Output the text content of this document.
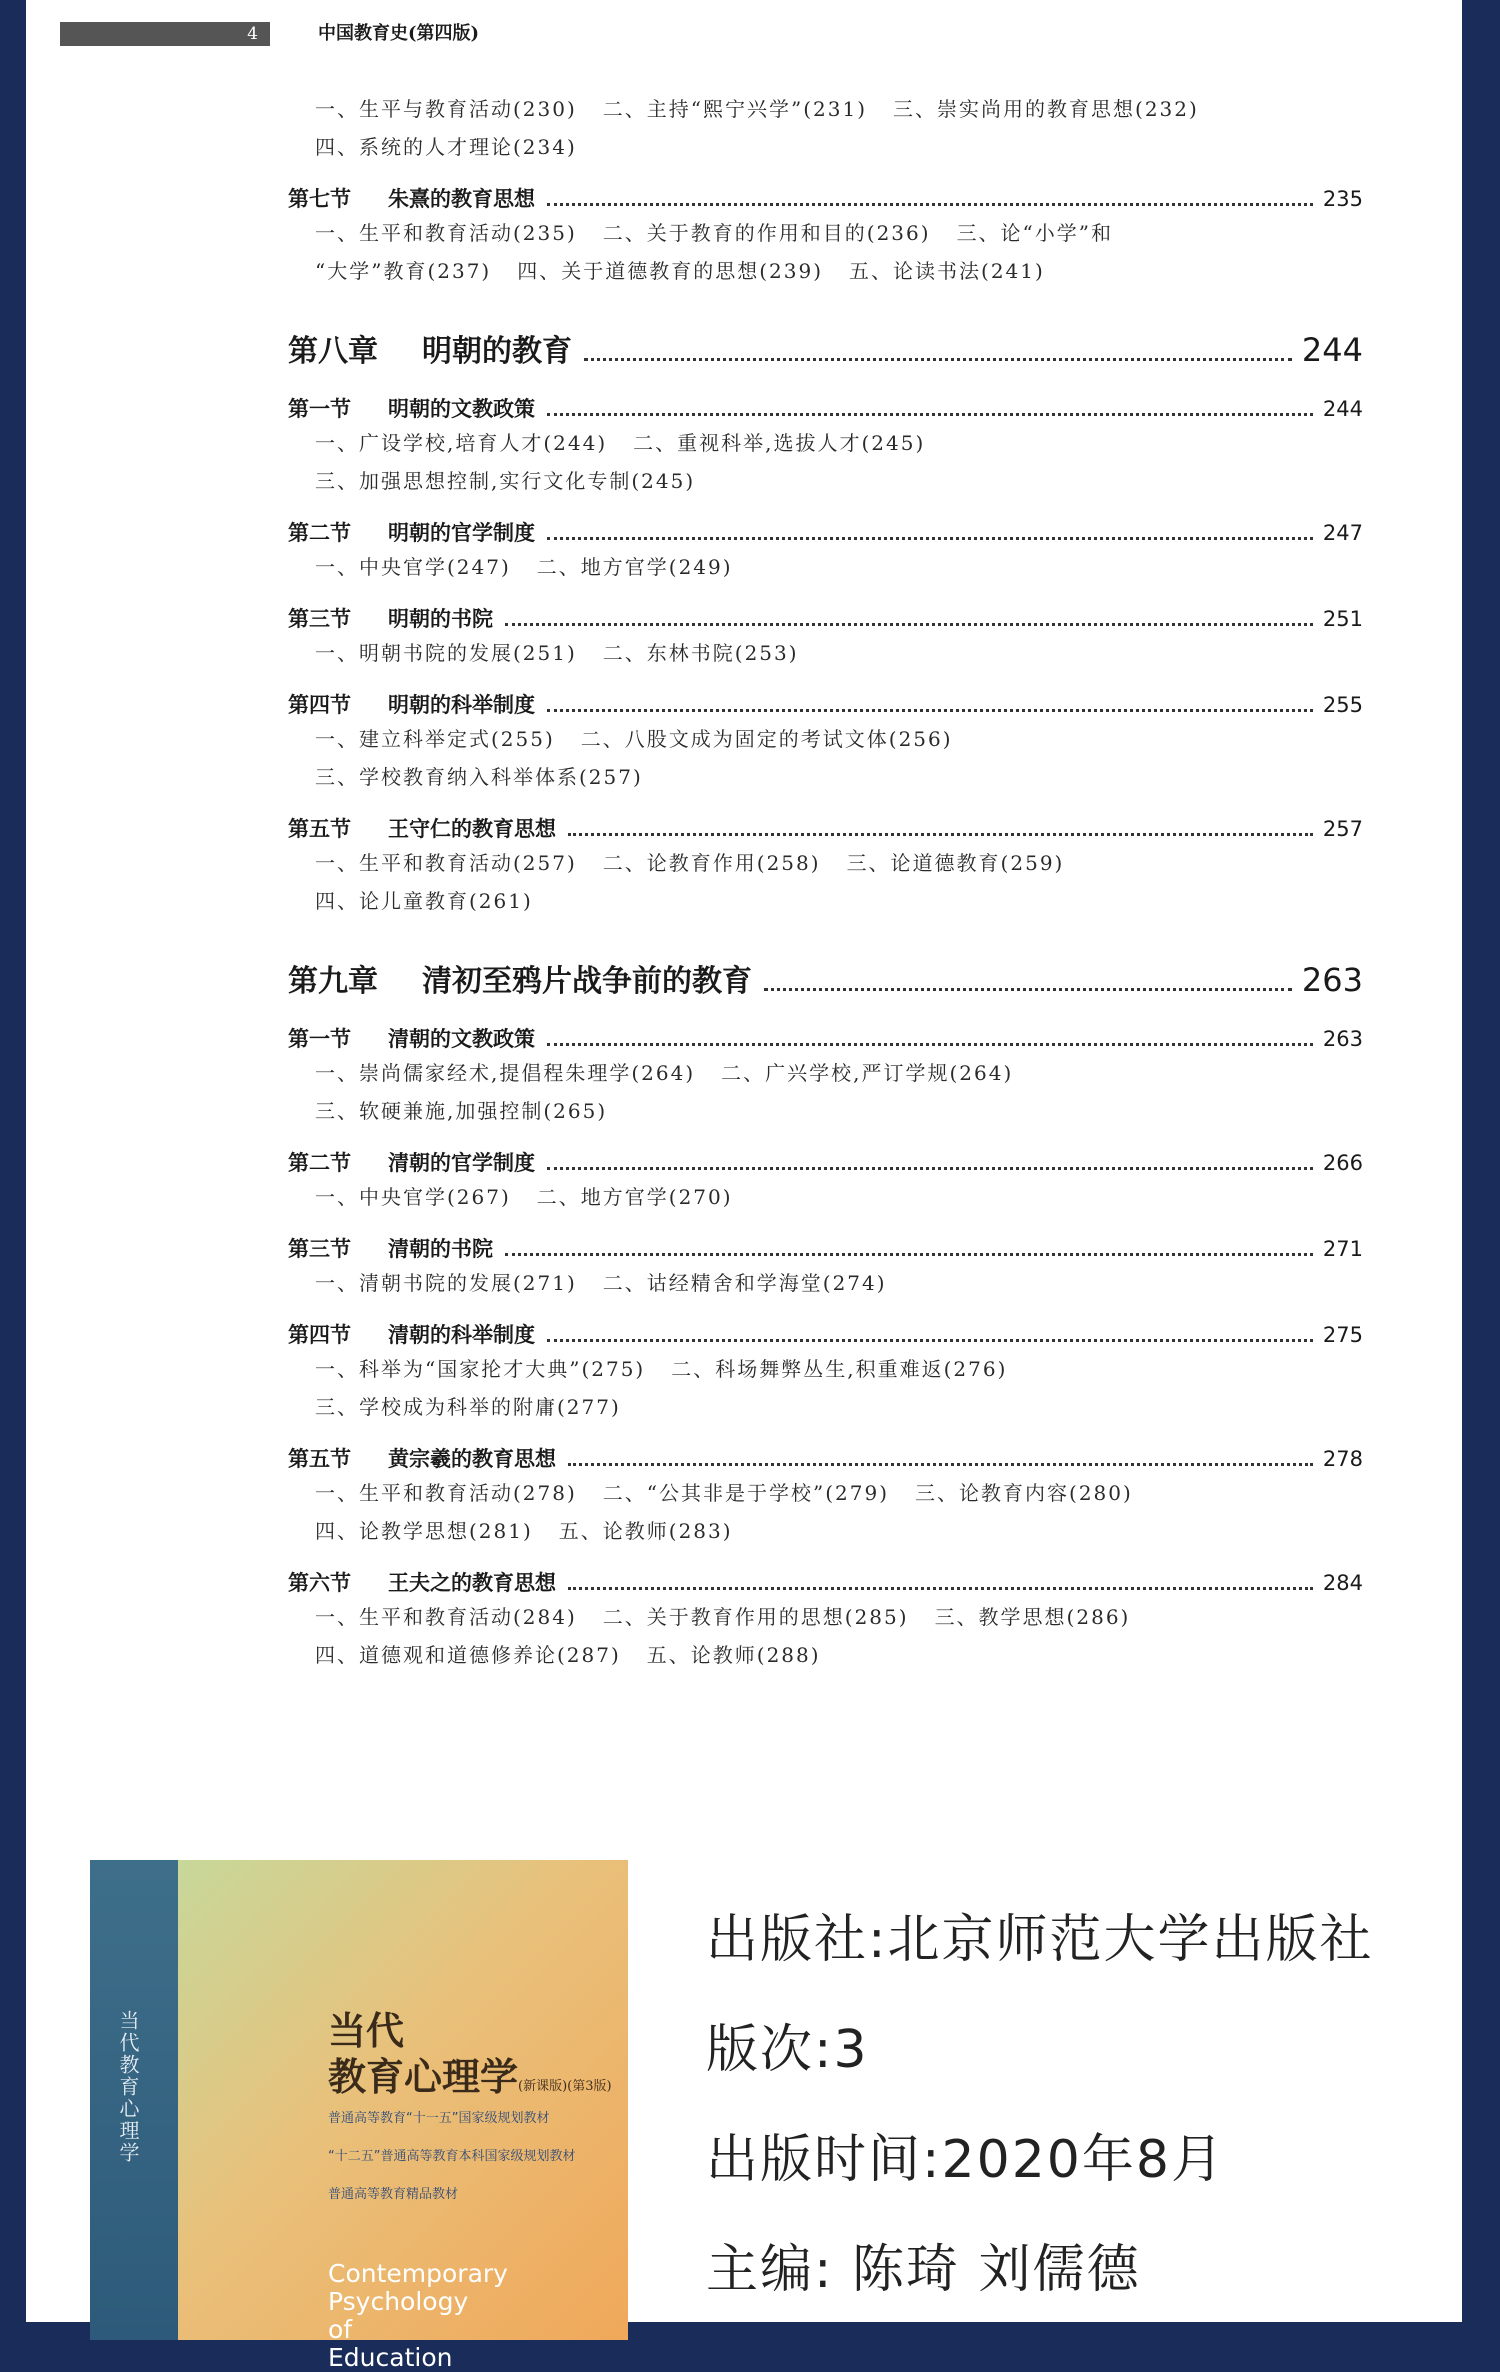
4	中国教育史(第四版)
一、生平与教育活动(230) 二、主持“熙宁兴学”(231) 三、崇实尚用的教育思想(232)
四、系统的人才理论(234)
第七节 朱熹的教育思想	235
一、生平和教育活动(235) 二、关于教育的作用和目的(236) 三、论“小学”和
“大学”教育(237) 四、关于道德教育的思想(239) 五、论读书法(241)
第八章 明朝的教育	244
第一节 明朝的文教政策	244
一、广设学校,培育人才(244) 二、重视科举,选拔人才(245)
三、加强思想控制,实行文化专制(245)
第二节 明朝的官学制度	247
一、中央官学(247) 二、地方官学(249)
第三节 明朝的书院	251
一、明朝书院的发展(251) 二、东林书院(253)
第四节 明朝的科举制度	255
一、建立科举定式(255) 二、八股文成为固定的考试文体(256)
三、学校教育纳入科举体系(257)
第五节 王守仁的教育思想	257
一、生平和教育活动(257) 二、论教育作用(258) 三、论道德教育(259)
四、论儿童教育(261)
第九章 清初至鸦片战争前的教育	263
第一节 清朝的文教政策	263
一、崇尚儒家经术,提倡程朱理学(264) 二、广兴学校,严订学规(264)
三、软硬兼施,加强控制(265)
第二节 清朝的官学制度	266
一、中央官学(267) 二、地方官学(270)
第三节 清朝的书院	271
一、清朝书院的发展(271) 二、诂经精舍和学海堂(274)
第四节 清朝的科举制度	275
一、科举为“国家抡才大典”(275) 二、科场舞弊丛生,积重难返(276)
三、学校成为科举的附庸(277)
第五节 黄宗羲的教育思想	278
一、生平和教育活动(278) 二、“公其非是于学校”(279) 三、论教育内容(280)
四、论教学思想(281) 五、论教师(283)
第六节 王夫之的教育思想	284
一、生平和教育活动(284) 二、关于教育作用的思想(285) 三、教学思想(286)
四、道德观和道德修养论(287) 五、论教师(288)
当代教育心理学	当代
教育心理学(新课版)(第3版)
普通高等教育“十一五”国家级规划教材
“十二五”普通高等教育本科国家级规划教材
普通高等教育精品教材
Contemporary Psychology of Education
出版社:北京师范大学出版社
版次:3
出版时间:2020年8月
主编: 陈琦 刘儒德
